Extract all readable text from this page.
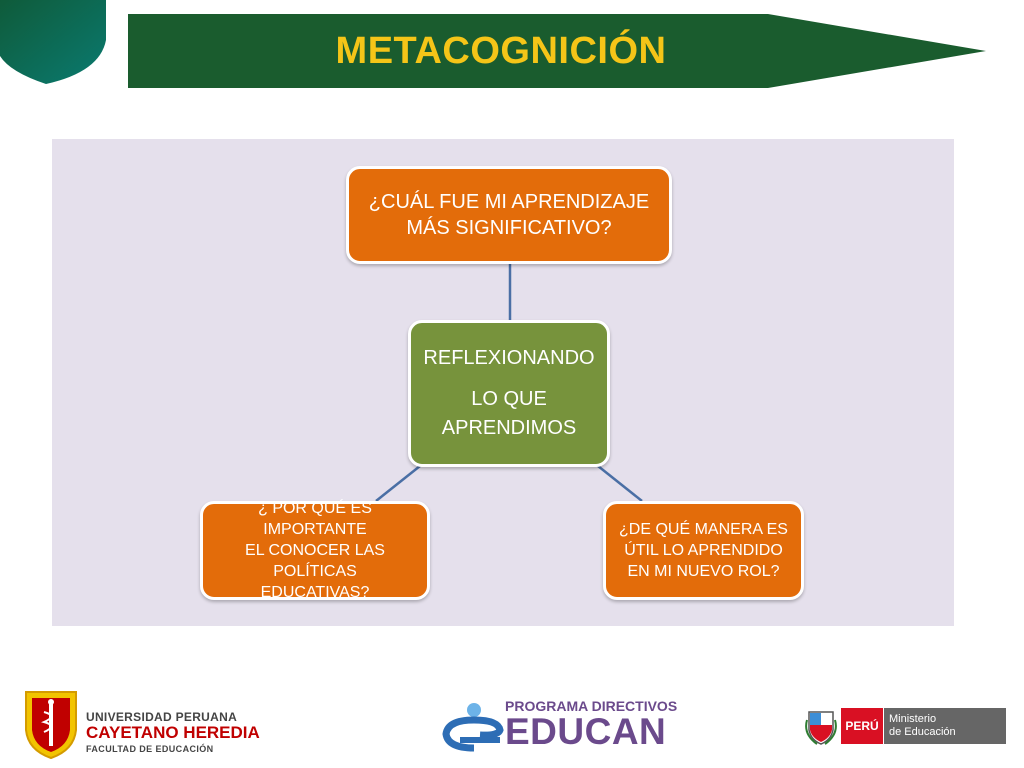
METACOGNICIÓN
¿CUÁL FUE MI APRENDIZAJE
MÁS SIGNIFICATIVO?
REFLEXIONANDO
LO QUE
APRENDIMOS
¿ POR QUÉ ES IMPORTANTE
EL CONOCER LAS POLÍTICAS
EDUCATIVAS?
¿DE QUÉ MANERA ES
ÚTIL LO APRENDIDO
EN MI NUEVO ROL?
UNIVERSIDAD PERUANA
CAYETANO HEREDIA
FACULTAD DE EDUCACIÓN
PROGRAMA DIRECTIVOS
EDUCAN	PERÚ Ministerio
de Educación
